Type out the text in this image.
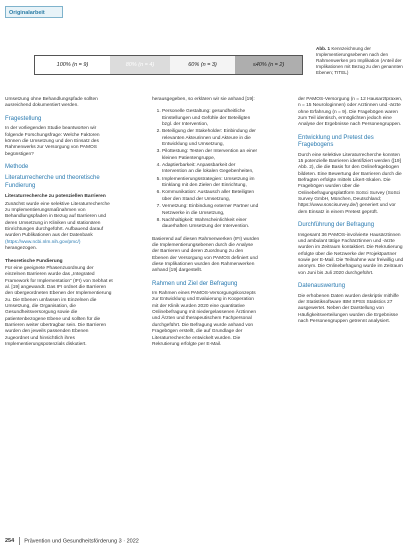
Originalarbeit
100% (n = 9)	80% (n = 4)	60% (n = 3)	≤40% (n = 2)
Abb. 1 Kennzeichnung der Implementierungsebenen nach den Rahmenwerken pro Implikation (Anteil der Implikationen mit Bezug zu den genannten Ebenen; TITEL)

Umsetzung ohne Behandlungspfade sollten ausreichend dokumentiert werden.

Fragestellung

In der vorliegenden Studie beantworten wir folgende Forschungsfrage: Welche Faktoren können die Umsetzung und den Einsatz des Rahmenwerks zur Versorgung von PAMOS begünstigen?

Methode
Literaturrecherche und theoretische Fundierung
Literaturrecherche zu potenziellen Barrieren

Zunächst wurde eine selektive Literaturrecherche zu Implementierungsmaßnahmen von Behandlungspfaden in Bezug auf Barrieren und deren Umsetzung in Kliniken und stationären Einrichtungen durchgeführt. Aufbauend darauf wurden Publikationen aus der Datenbank (https://www.ncbi.nlm.nih.gov/pmc/) herangezogen.

Theoretische Fundierung

Für eine geeignete Phasenzuordnung der einzelnen Barrieren wurde das „Integrated Framework for Implementation“ (IFI) von Sebhat et al. [19] angewandt. Das IFI ordnet die Barrieren den übergeordneten Ebenen der Implementierung zu. Die Ebenen umfassen im Einzelnen die Umsetzung, die Organisation, die Gesundheitsversorgung sowie die patientenbezogene Ebene und sollten für die Barrieren weiter übertragbar sein. Die Barrieren wurden den jeweils passenden Ebenen zugeordnet und hinsichtlich ihres Implementierungspotenzials diskutiert.

herausgegeben, so erklären wir sie anhand [19]:

1. Personelle Gestaltung: gesundheitliche Einstellungen und Gefühle der Beteiligten bzgl. der Intervention,
2. Beteiligung der Stakeholder: Einbindung der relevanten Akteurinnen und Akteure in die Entwicklung und Umsetzung,
3. Pilottestung: Testen der Intervention an einer kleinen Patientengruppe,
4. Adaptierbarkeit: Anpassbarkeit der Intervention an die lokalen Gegebenheiten,
5. Implementierungsstrategien: Umsetzung im Einklang mit den Zielen der Einrichtung,
6. Kommunikation: Austausch aller Beteiligten über den Stand der Umsetzung,
7. Vernetzung: Einbindung externer Partner und Netzwerke in die Umsetzung,
8. Nachhaltigkeit: Wahrscheinlichkeit einer dauerhaften Umsetzung der Intervention.

Basierend auf diesen Rahmenwerken (IFI) wurden die Implementierungsebenen durch die Analyse der Barrieren und deren Zuordnung zu den Ebenen der Versorgung von PAMOS definiert und diese Implikationen wurden den Rahmenwerken anhand [19] dargestellt.

Rahmen und Ziel der Befragung

Im Rahmen eines PAMOS-Versorgungskonzepts zur Entwicklung und Evaluierung in Kooperation mit der Klinik wurden 2020 eine quantitative Onlinebefragung mit niedergelassenen Ärztinnen und Ärzten und therapeutischem Fachpersonal durchgeführt. Die Befragung wurde anhand von Fragebögen erstellt, die auf Grundlage der Literaturrecherche entwickelt wurden. Die Rekrutierung erfolgte per E-Mail.

der PAMOS-Versorgung (n = 12 Hausarztpraxen, n = 15 Neurologinnen) oder Arztinnen und -ärzte ohne Erfahrung (n = 9). Die Fragebögen waren zum Teil identisch, ermöglichten jedoch eine Analyse der Ergebnisse nach Personengruppen.

Entwicklung und Pretest des Fragebogens

Durch eine selektive Literaturrecherche konnten 15 potenzielle Barrieren identifiziert werden ([19] Abb. 2), die die Basis für den Onlinefragebogen bildeten. Eine Bewertung der Barrieren durch die Befragten erfolgte mittels Likert-Skalen. Die Fragebögen wurden über die Onlinebefragungsplattform SoSci Survey (SoSci Survey GmbH, München, Deutschland; https://www.soscisurvey.de/) generiert und vor dem Einsatz in einem Pretest geprüft.

Durchführung der Befragung

Insgesamt 36 PAMOS-involvierte Hausärztinnen und ambulant tätige Fachärztinnen und -ärzte wurden im Zeitraum kontaktiert. Die Rekrutierung erfolgte über die Netzwerke der Projektpartner sowie per E-Mail. Die Teilnahme war freiwillig und anonym. Die Onlinebefragung wurde im Zeitraum von Juni bis Juli 2020 durchgeführt.

Datenauswertung

Die erhobenen Daten wurden deskriptiv mithilfe der Statistiksoftware IBM SPSS Statistics 27 ausgewertet. Neben der Darstellung von Häufigkeitsverteilungen wurden die Ergebnisse nach Personengruppen getrennt analysiert.

254 Prävention und Gesundheitsförderung 3 · 2022
